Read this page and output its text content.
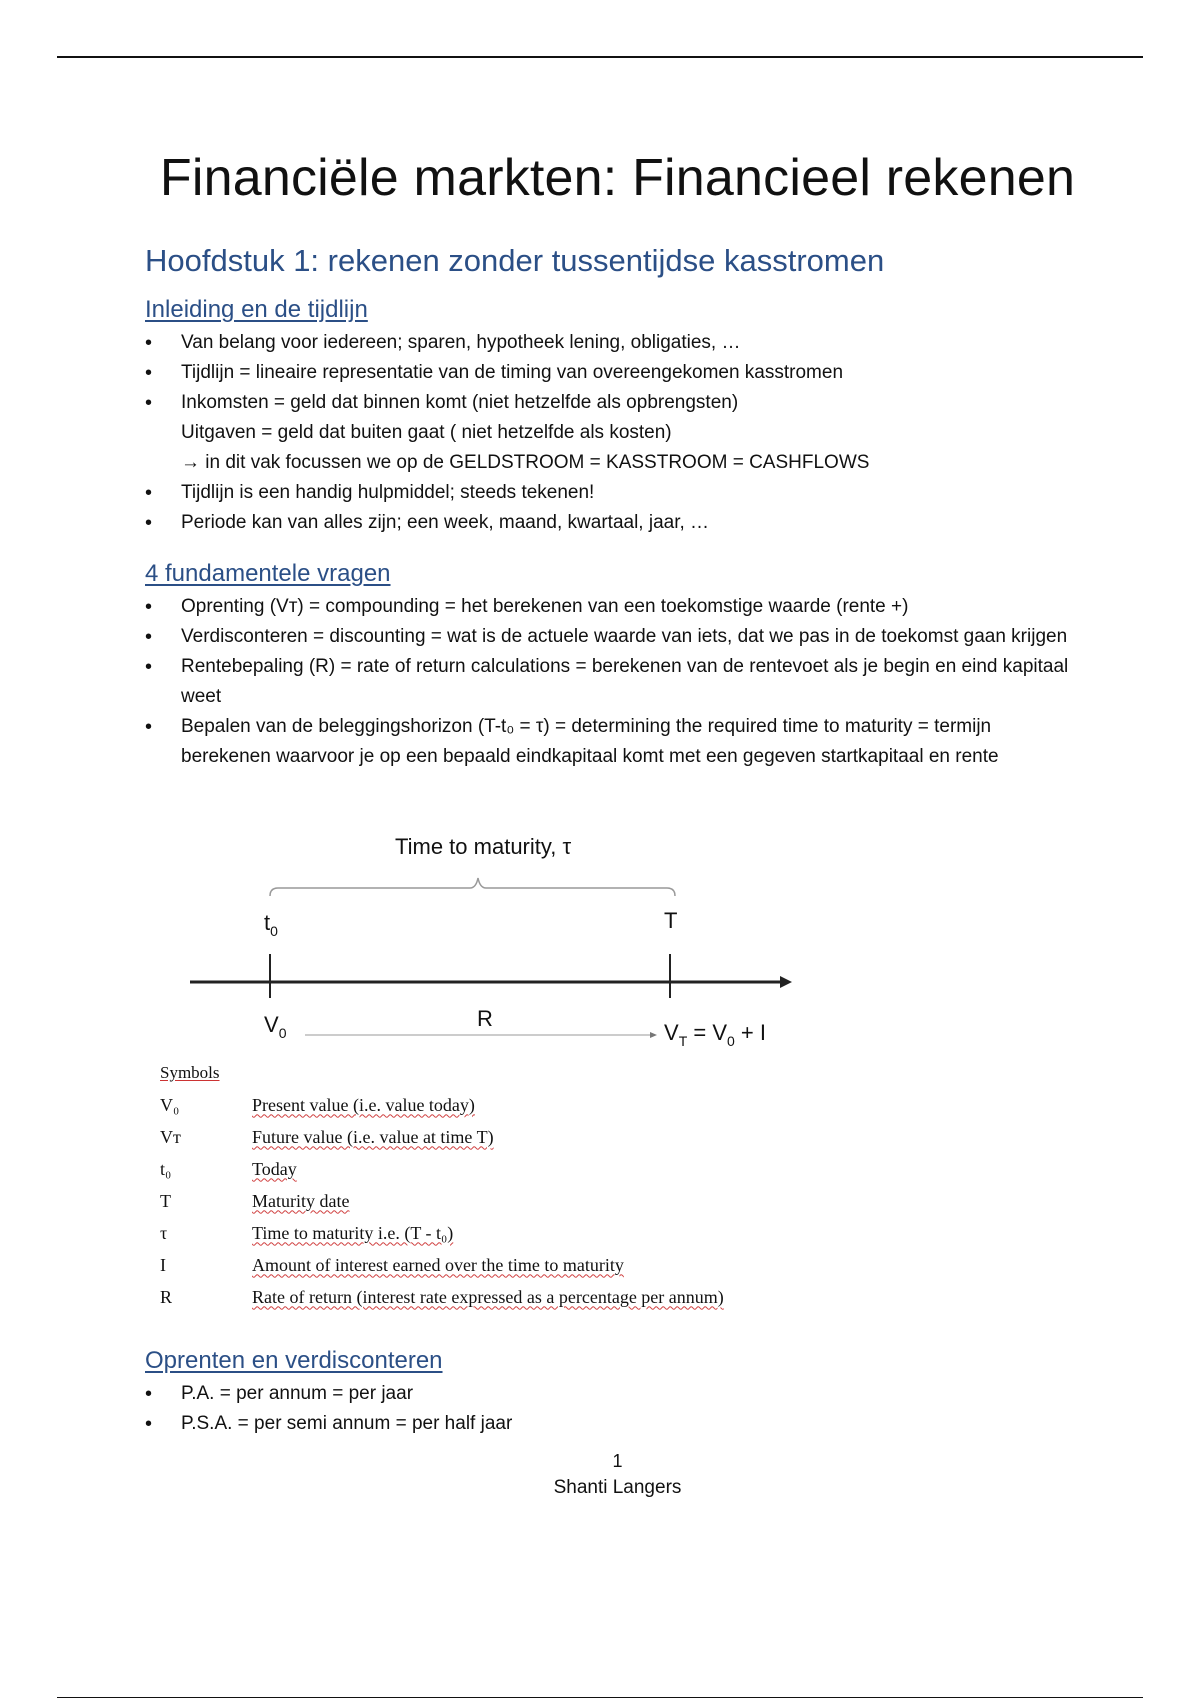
Financiële markten: Financieel rekenen
Hoofdstuk 1: rekenen zonder tussentijdse kasstromen
Inleiding en de tijdlijn
• Van belang voor iedereen; sparen, hypotheek lening, obligaties, …
• Tijdlijn = lineaire representatie van de timing van overeengekomen kasstromen
• Inkomsten = geld dat binnen komt (niet hetzelfde als opbrengsten)
Uitgaven = geld dat buiten gaat ( niet hetzelfde als kosten)
→ in dit vak focussen we op de GELDSTROOM = KASSTROOM = CASHFLOWS
• Tijdlijn is een handig hulpmiddel; steeds tekenen!
• Periode kan van alles zijn; een week, maand, kwartaal, jaar, …
4 fundamentele vragen
• Oprenting (Vᴛ) = compounding = het berekenen van een toekomstige waarde (rente +)
• Verdisconteren = discounting = wat is de actuele waarde van iets, dat we pas in de toekomst gaan krijgen
• Rentebepaling (R) = rate of return calculations = berekenen van de rentevoet als je begin en eind kapitaal weet
• Bepalen van de beleggingshorizon (T-t₀ = τ) = determining the required time to maturity = termijn berekenen waarvoor je op een bepaald eindkapitaal komt met een gegeven startkapitaal en rente
Time to maturity, τ
$t_0$	T
$V_0$
R
$V_T = V_0 + I$
Symbols
V₀	Present value (i.e. value today)
Vᴛ	Future value (i.e. value at time T)
t₀	Today
T	Maturity date
τ	Time to maturity i.e. (T - t₀)
I	Amount of interest earned over the time to maturity
R	Rate of return (interest rate expressed as a percentage per annum)
Oprenten en verdisconteren
• P.A. = per annum = per jaar
• P.S.A. = per semi annum = per half jaar
1
Shanti Langers
